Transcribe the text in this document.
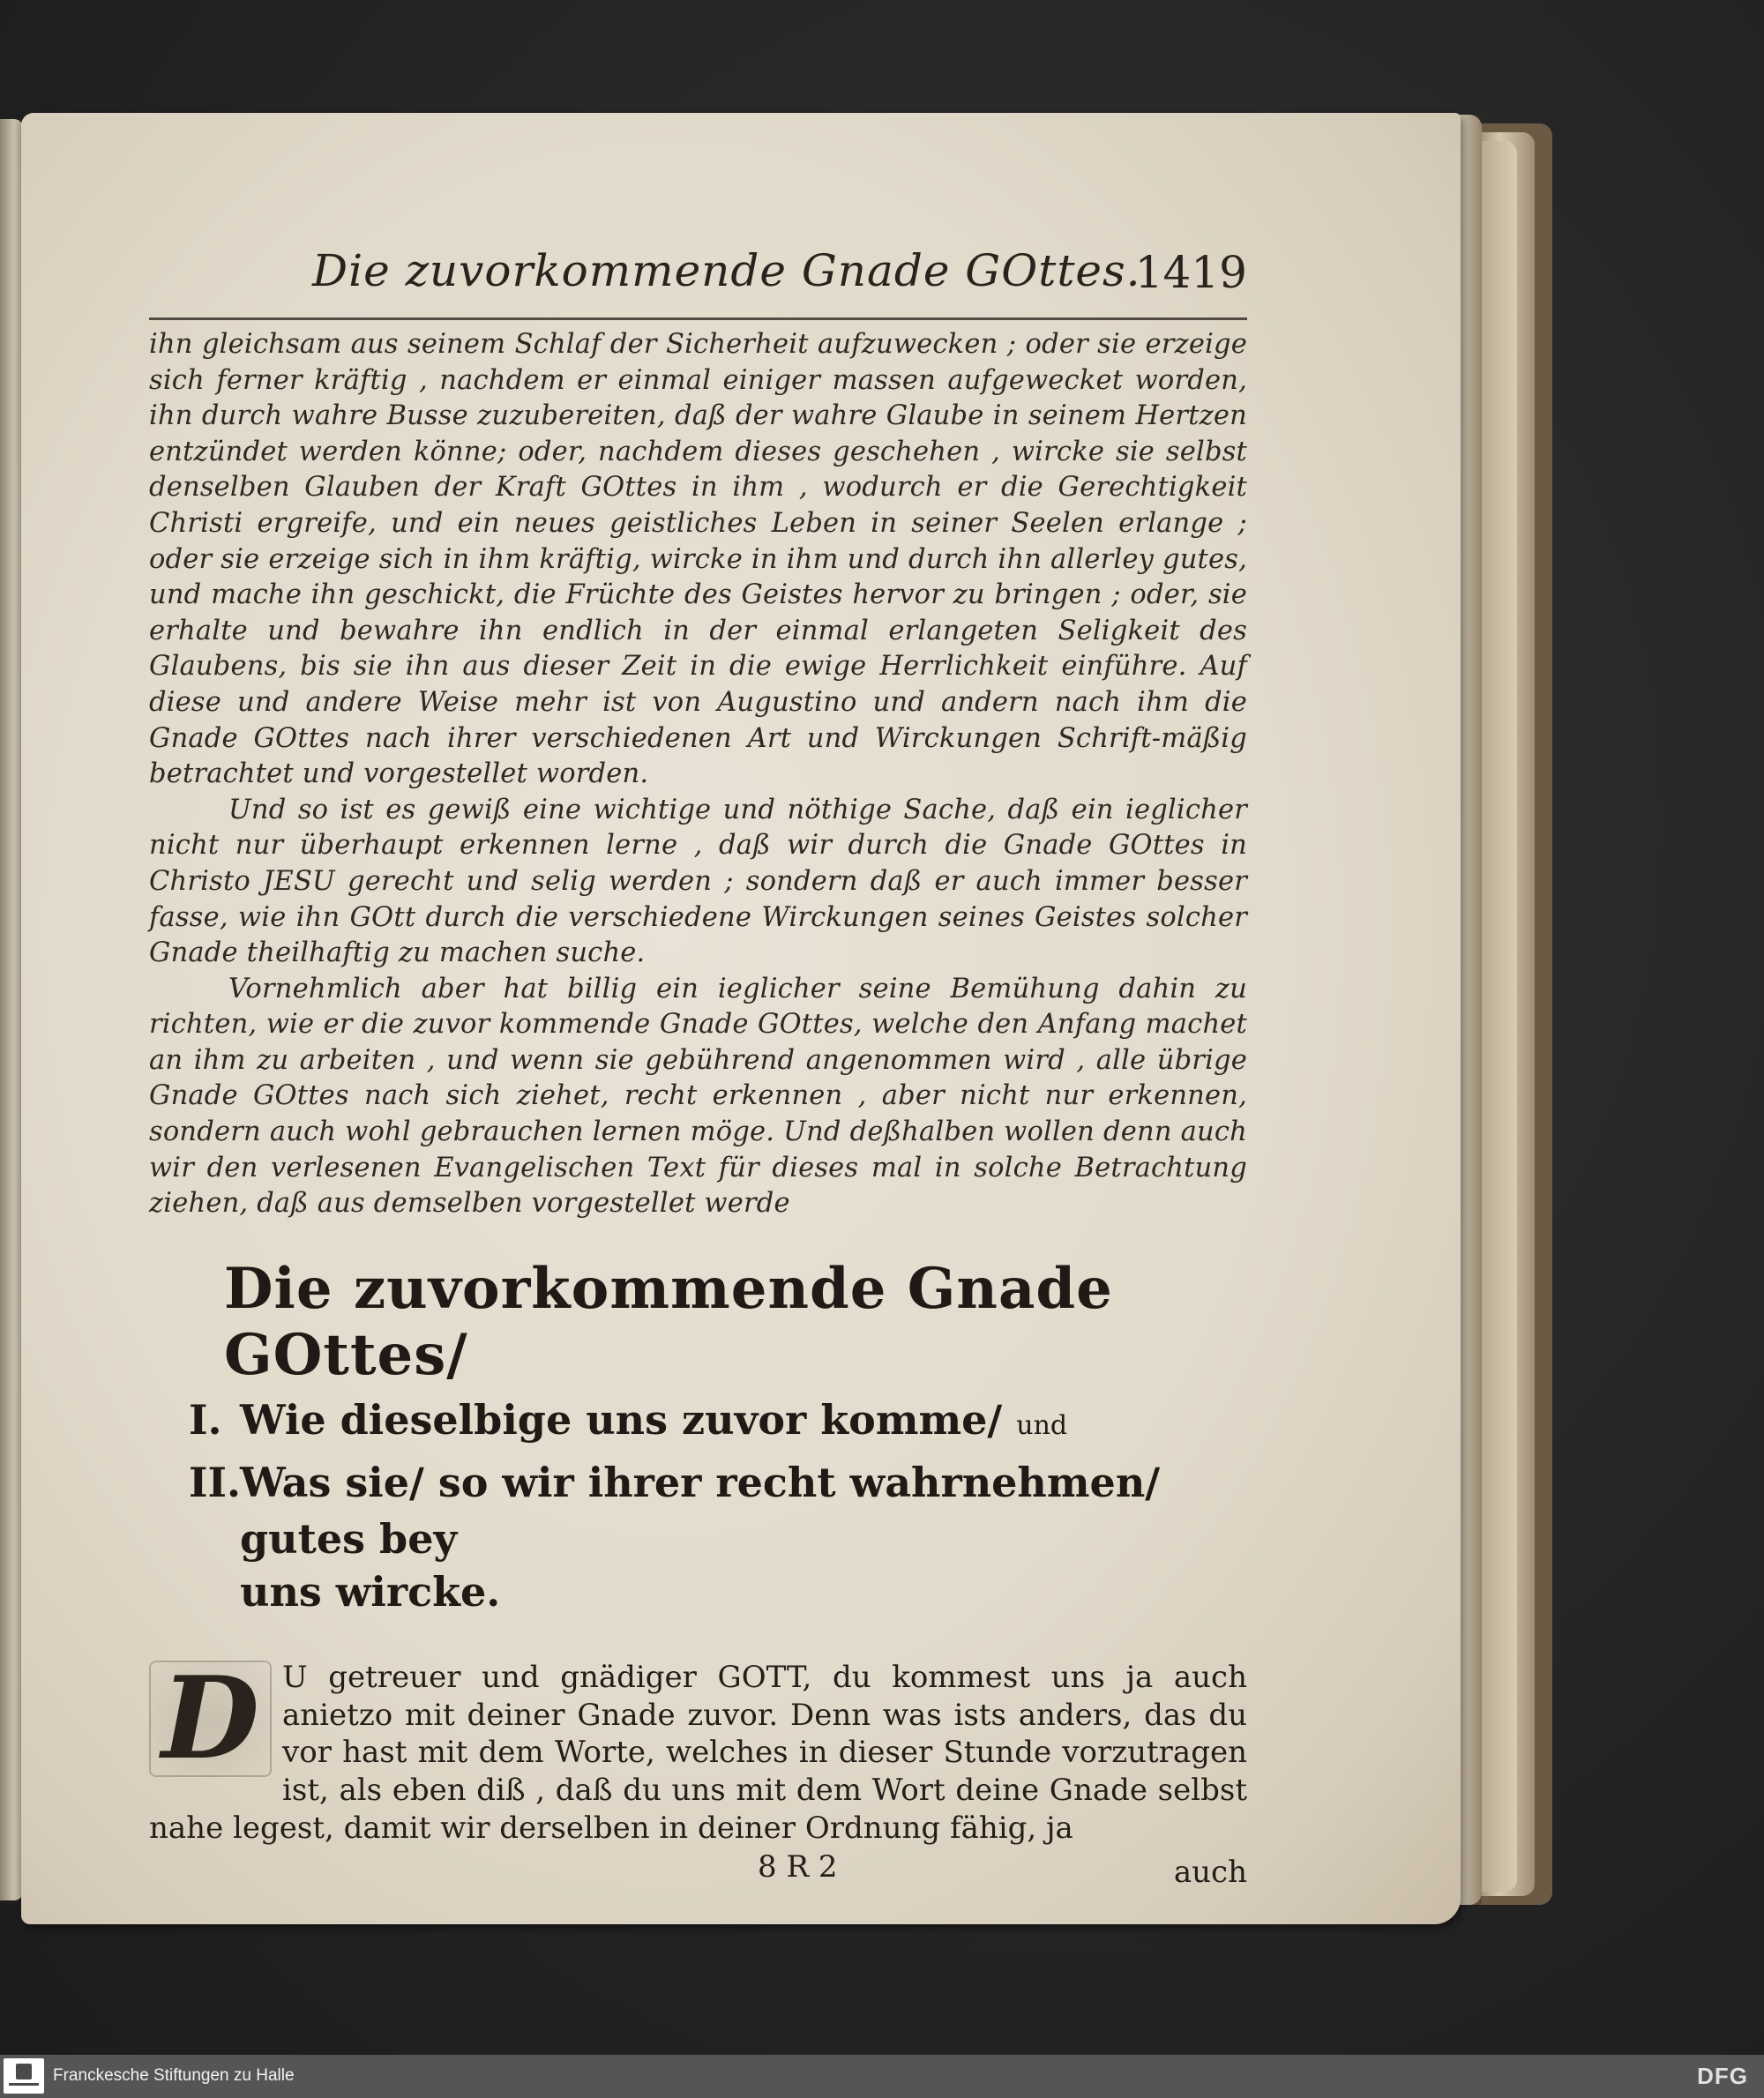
Die zuvorkommende Gnade GOttes.
1419

ihn gleichsam aus seinem Schlaf der Sicherheit aufzuwecken ; oder sie erzeige sich ferner kräftig , nachdem er einmal einiger massen aufgewecket worden, ihn durch wahre Busse zuzubereiten, daß der wahre Glaube in seinem Hertzen entzündet werden könne; oder, nachdem dieses geschehen , wircke sie selbst denselben Glauben der Kraft GOttes in ihm , wodurch er die Gerechtigkeit Christi ergreife, und ein neues geistliches Leben in seiner Seelen erlange ; oder sie erzeige sich in ihm kräftig, wircke in ihm und durch ihn allerley gutes, und mache ihn geschickt, die Früchte des Geistes hervor zu bringen ; oder, sie erhalte und bewahre ihn endlich in der einmal erlangeten Seligkeit des Glaubens, bis sie ihn aus dieser Zeit in die ewige Herrlichkeit einführe. Auf diese und andere Weise mehr ist von Augustino und andern nach ihm die Gnade GOttes nach ihrer verschiedenen Art und Wirckungen Schrift-mäßig betrachtet und vorgestellet worden.

Und so ist es gewiß eine wichtige und nöthige Sache, daß ein ieglicher nicht nur überhaupt erkennen lerne , daß wir durch die Gnade GOttes in Christo JESU gerecht und selig werden ; sondern daß er auch immer besser fasse, wie ihn GOtt durch die verschiedene Wirckungen seines Geistes solcher Gnade theilhaftig zu machen suche.

Vornehmlich aber hat billig ein ieglicher seine Bemühung dahin zu richten, wie er die zuvor kommende Gnade GOttes, welche den Anfang machet an ihm zu arbeiten , und wenn sie gebührend angenommen wird , alle übrige Gnade GOttes nach sich ziehet, recht erkennen , aber nicht nur erkennen, sondern auch wohl gebrauchen lernen möge. Und deßhalben wollen denn auch wir den verlesenen Evangelischen Text für dieses mal in solche Betrachtung ziehen, daß aus demselben vorgestellet werde

Die zuvorkommende Gnade GOttes/
I. Wie dieselbige uns zuvor komme/ und
II.
Was sie/ so wir ihrer recht wahrnehmen/ gutes bey
uns wircke.
D U getreuer und gnädiger GOTT, du kommest uns ja auch anietzo mit deiner Gnade zuvor. Denn was ists anders, das du vor hast mit dem Worte, welches in dieser Stunde vorzutragen ist, als eben diß , daß du uns mit dem Wort deine Gnade selbst nahe legest, damit wir derselben in deiner Ordnung fähig, ja
8 R 2	auch
Franckesche Stiftungen zu Halle	DFG
